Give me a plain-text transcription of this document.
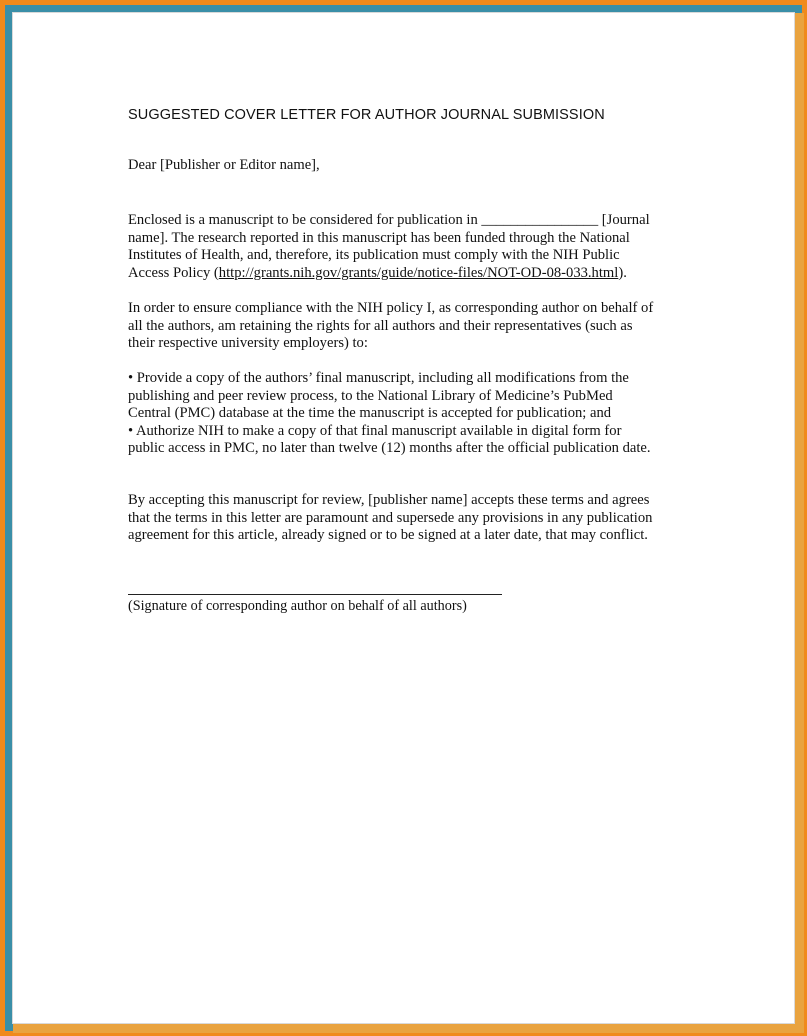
SUGGESTED COVER LETTER FOR AUTHOR JOURNAL SUBMISSION
Dear [Publisher or Editor name],
Enclosed is a manuscript to be considered for publication in ________________ [Journal
name]. The research reported in this manuscript has been funded through the National
Institutes of Health, and, therefore, its publication must comply with the NIH Public
Access Policy (http://grants.nih.gov/grants/guide/notice-files/NOT-OD-08-033.html).
In order to ensure compliance with the NIH policy I, as corresponding author on behalf of
all the authors, am retaining the rights for all authors and their representatives (such as
their respective university employers) to:
• Provide a copy of the authors’ final manuscript, including all modifications from the
publishing and peer review process, to the National Library of Medicine’s PubMed
Central (PMC) database at the time the manuscript is accepted for publication; and
• Authorize NIH to make a copy of that final manuscript available in digital form for
public access in PMC, no later than twelve (12) months after the official publication date.
By accepting this manuscript for review, [publisher name] accepts these terms and agrees
that the terms in this letter are paramount and supersede any provisions in any publication
agreement for this article, already signed or to be signed at a later date, that may conflict.
(Signature of corresponding author on behalf of all authors)
